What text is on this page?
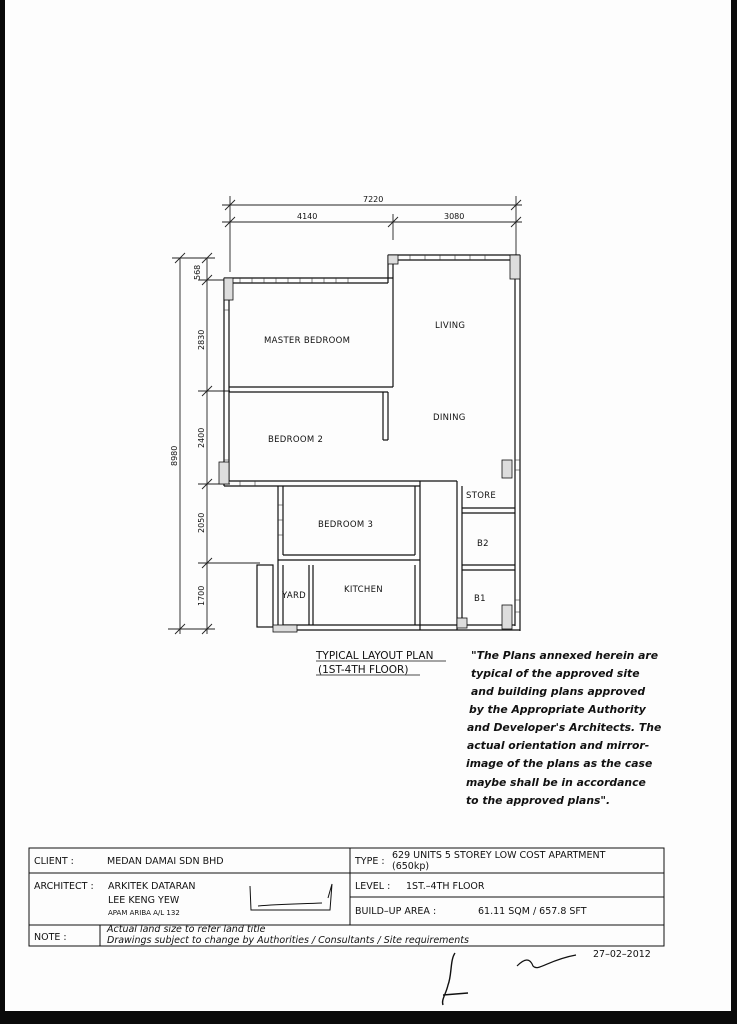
7220
4140	3080
8980
568
2830
2400
2050
1700
MASTER BEDROOM
LIVING
DINING
BEDROOM 2
STORE
BEDROOM 3
B2
B1
YARD
KITCHEN
TYPICAL LAYOUT PLAN
(1ST-4TH FLOOR)
"The Plans annexed herein are
typical of the approved site
and building plans approved
by the Appropriate Authority
and Developer's Architects. The
actual orientation and mirror-
image of the plans as the case
maybe shall be in accordance
to the approved plans".
CLIENT :	MEDAN DAMAI SDN BHD	TYPE :
629 UNITS 5 STOREY LOW COST APARTMENT
(650kp)
ARCHITECT : ARKITEK DATARAN
LEE KENG YEW
APAM ARIBA A/L 132
LEVEL : 1ST.–4TH FLOOR
BUILD–UP AREA :	61.11 SQM / 657.8 SFT
NOTE :
Actual land size to refer land title
Drawings subject to change by Authorities / Consultants / Site requirements
27–02–2012
